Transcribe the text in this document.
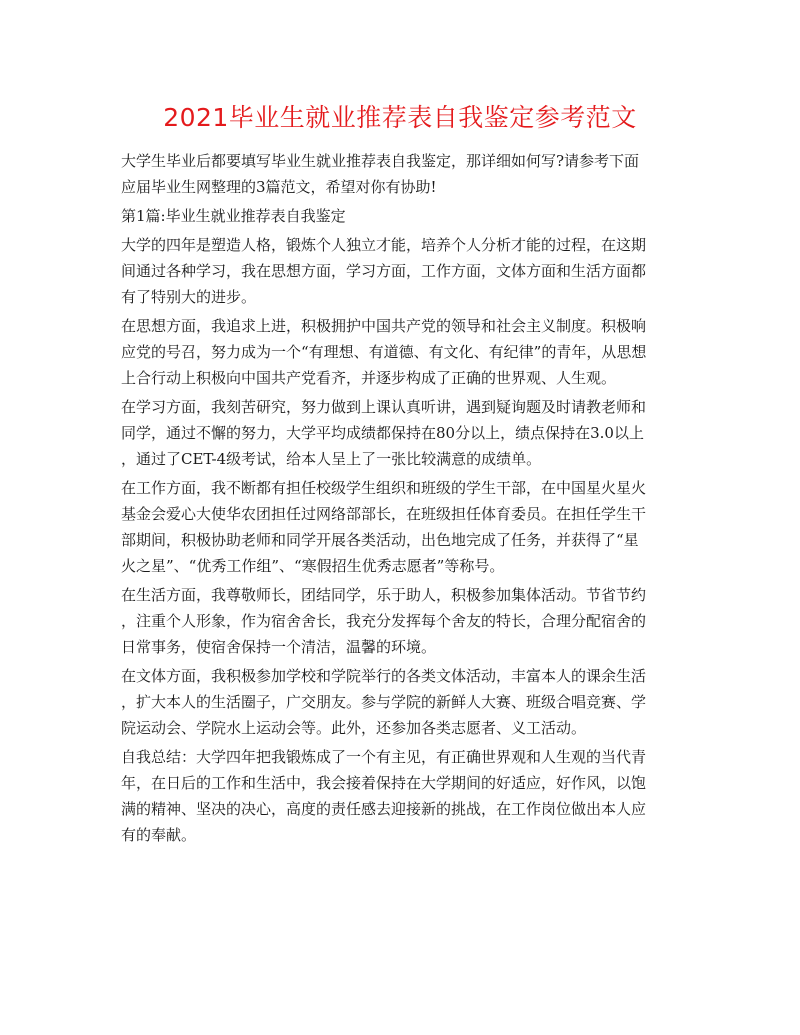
2021毕业生就业推荐表自我鉴定参考范文

大学生毕业后都要填写毕业生就业推荐表自我鉴定，那详细如何写?请参考下面
应届毕业生网整理的3篇范文，希望对你有协助!

第1篇:毕业生就业推荐表自我鉴定

大学的四年是塑造人格，锻炼个人独立才能，培养个人分析才能的过程，在这期
间通过各种学习，我在思想方面，学习方面，工作方面，文体方面和生活方面都
有了特别大的进步。

在思想方面，我追求上进，积极拥护中国共产党的领导和社会主义制度。积极响
应党的号召，努力成为一个“有理想、有道德、有文化、有纪律”的青年，从思想
上合行动上积极向中国共产党看齐，并逐步构成了正确的世界观、人生观。

在学习方面，我刻苦研究，努力做到上课认真听讲，遇到疑询题及时请教老师和
同学，通过不懈的努力，大学平均成绩都保持在80分以上，绩点保持在3.0以上
，通过了CET-4级考试，给本人呈上了一张比较满意的成绩单。

在工作方面，我不断都有担任校级学生组织和班级的学生干部，在中国星火星火
基金会爱心大使华农团担任过网络部部长，在班级担任体育委员。在担任学生干
部期间，积极协助老师和同学开展各类活动，出色地完成了任务，并获得了“星
火之星”、“优秀工作组”、“寒假招生优秀志愿者”等称号。

在生活方面，我尊敬师长，团结同学，乐于助人，积极参加集体活动。节省节约
，注重个人形象，作为宿舍舍长，我充分发挥每个舍友的特长，合理分配宿舍的
日常事务，使宿舍保持一个清洁，温馨的环境。

在文体方面，我积极参加学校和学院举行的各类文体活动，丰富本人的课余生活
，扩大本人的生活圈子，广交朋友。参与学院的新鲜人大赛、班级合唱竞赛、学
院运动会、学院水上运动会等。此外，还参加各类志愿者、义工活动。

自我总结：大学四年把我锻炼成了一个有主见，有正确世界观和人生观的当代青
年，在日后的工作和生活中，我会接着保持在大学期间的好适应，好作风，以饱
满的精神、坚决的决心，高度的责任感去迎接新的挑战，在工作岗位做出本人应
有的奉献。
